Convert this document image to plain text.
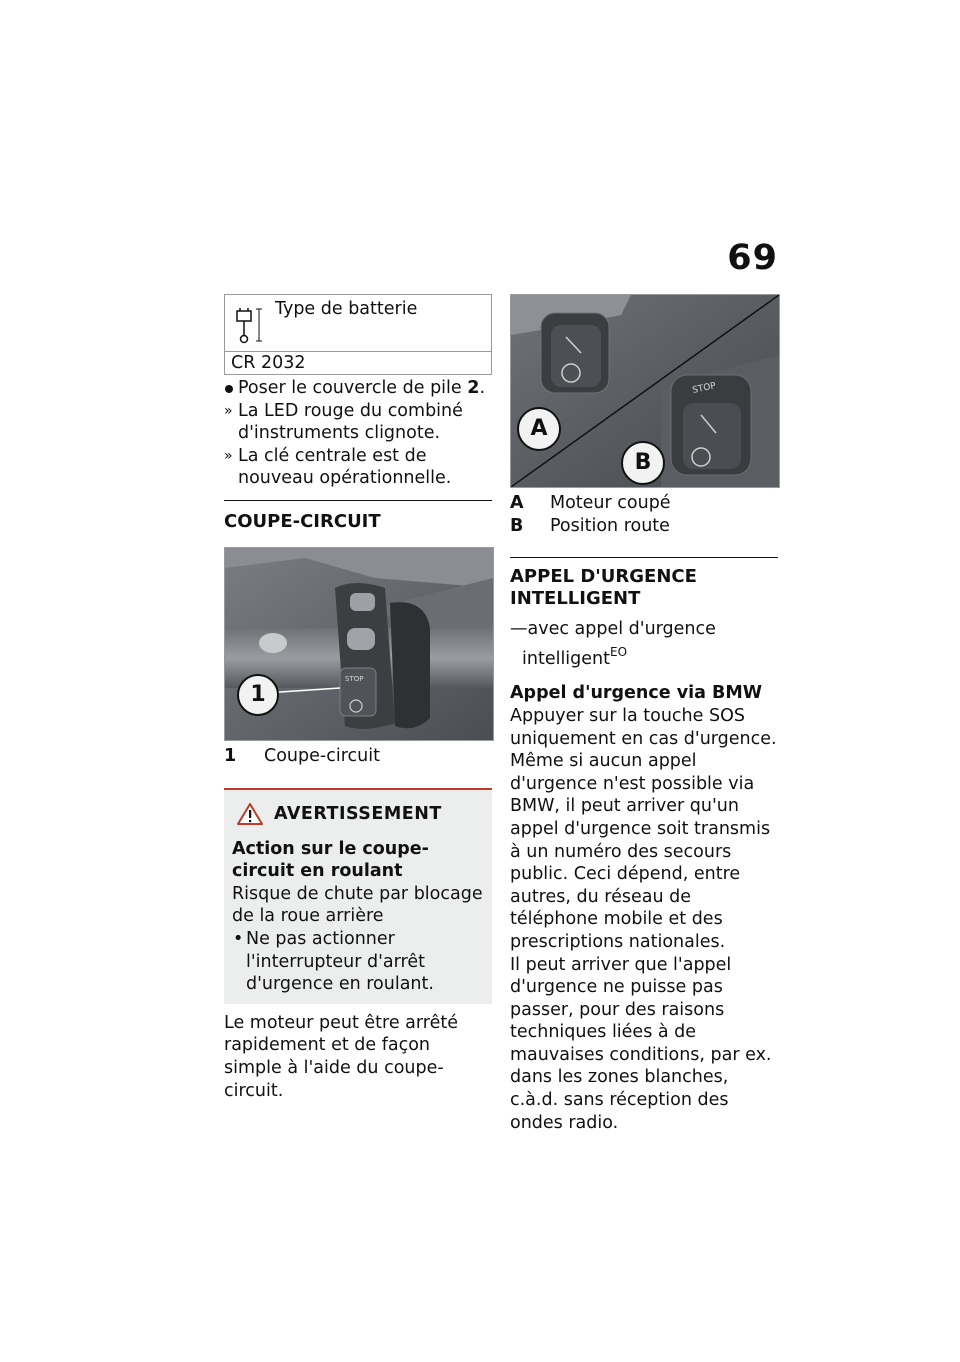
69
Type de batterie
CR 2032
Poser le couvercle de pile 2.
» La LED rouge du combiné d'instruments clignote.
» La clé centrale est de nouveau opérationnelle.
COUPE-CIRCUIT
STOP
1
1	Coupe-circuit
AVERTISSEMENT
Action sur le coupe-circuit en roulant
Risque de chute par blocage de la roue arrière
• Ne pas actionner l'interrupteur d'arrêt d'urgence en roulant.
Le moteur peut être arrêté rapidement et de façon simple à l'aide du coupe-circuit.
STOP
A
B
A	Moteur coupé
B	Position route
APPEL D'URGENCE INTELLIGENT
—avec appel d'urgence intelligent$^{EO}$
Appel d'urgence via BMW
Appuyer sur la touche SOS uniquement en cas d'urgence. Même si aucun appel d'urgence n'est possible via BMW, il peut arriver qu'un appel d'urgence soit transmis à un numéro des secours public. Ceci dépend, entre autres, du réseau de téléphone mobile et des prescriptions nationales.
Il peut arriver que l'appel d'urgence ne puisse pas passer, pour des raisons techniques liées à de mauvaises conditions, par ex. dans les zones blanches, c.à.d. sans réception des ondes radio.
